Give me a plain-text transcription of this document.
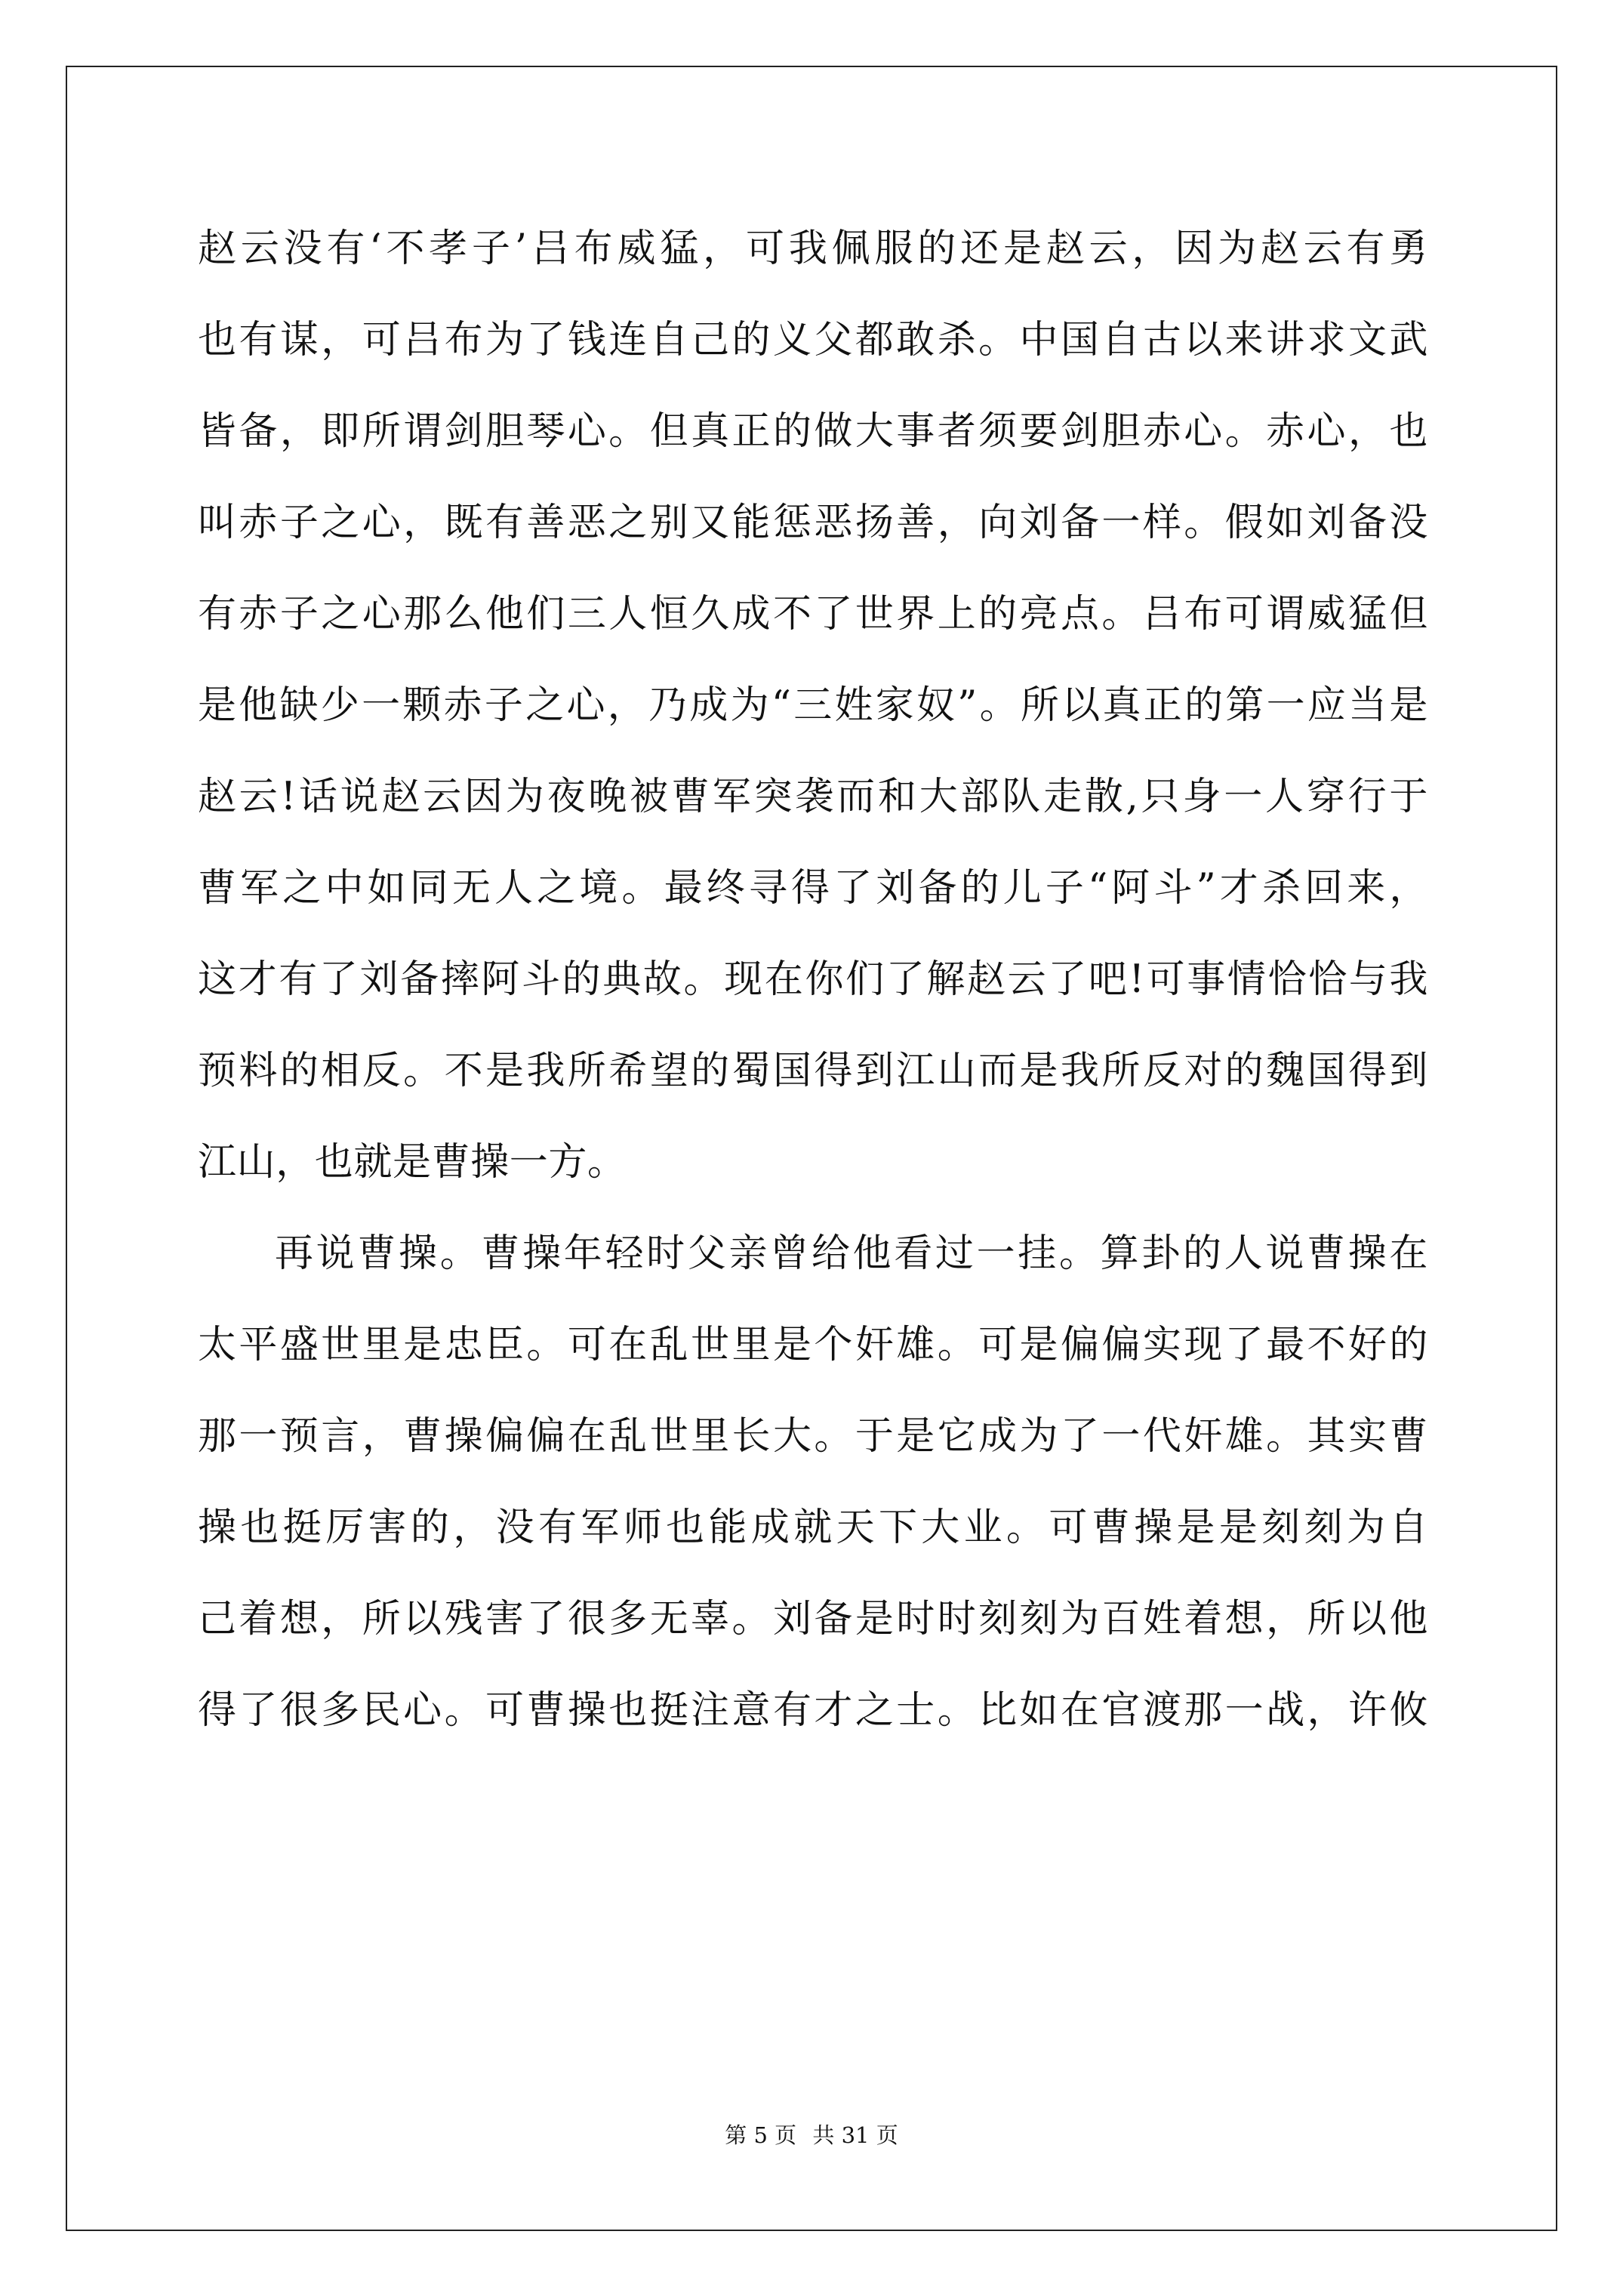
赵云没有‘不孝子’吕布威猛，可我佩服的还是赵云，因为赵云有勇
也有谋，可吕布为了钱连自己的义父都敢杀。中国自古以来讲求文武
皆备，即所谓剑胆琴心。但真正的做大事者须要剑胆赤心。赤心，也
叫赤子之心，既有善恶之别又能惩恶扬善，向刘备一样。假如刘备没
有赤子之心那么他们三人恒久成不了世界上的亮点。吕布可谓威猛但
是他缺少一颗赤子之心，乃成为“三姓家奴”。所以真正的第一应当是
赵云!话说赵云因为夜晚被曹军突袭而和大部队走散,只身一人穿行于
曹军之中如同无人之境。最终寻得了刘备的儿子“阿斗”才杀回来，
这才有了刘备摔阿斗的典故。现在你们了解赵云了吧!可事情恰恰与我
预料的相反。不是我所希望的蜀国得到江山而是我所反对的魏国得到
江山，也就是曹操一方。
再说曹操。曹操年轻时父亲曾给他看过一挂。算卦的人说曹操在
太平盛世里是忠臣。可在乱世里是个奸雄。可是偏偏实现了最不好的
那一预言，曹操偏偏在乱世里长大。于是它成为了一代奸雄。其实曹
操也挺厉害的，没有军师也能成就天下大业。可曹操是是刻刻为自
己着想，所以残害了很多无辜。刘备是时时刻刻为百姓着想，所以他
得了很多民心。可曹操也挺注意有才之士。比如在官渡那一战，许攸
第 5 页 共 31 页
